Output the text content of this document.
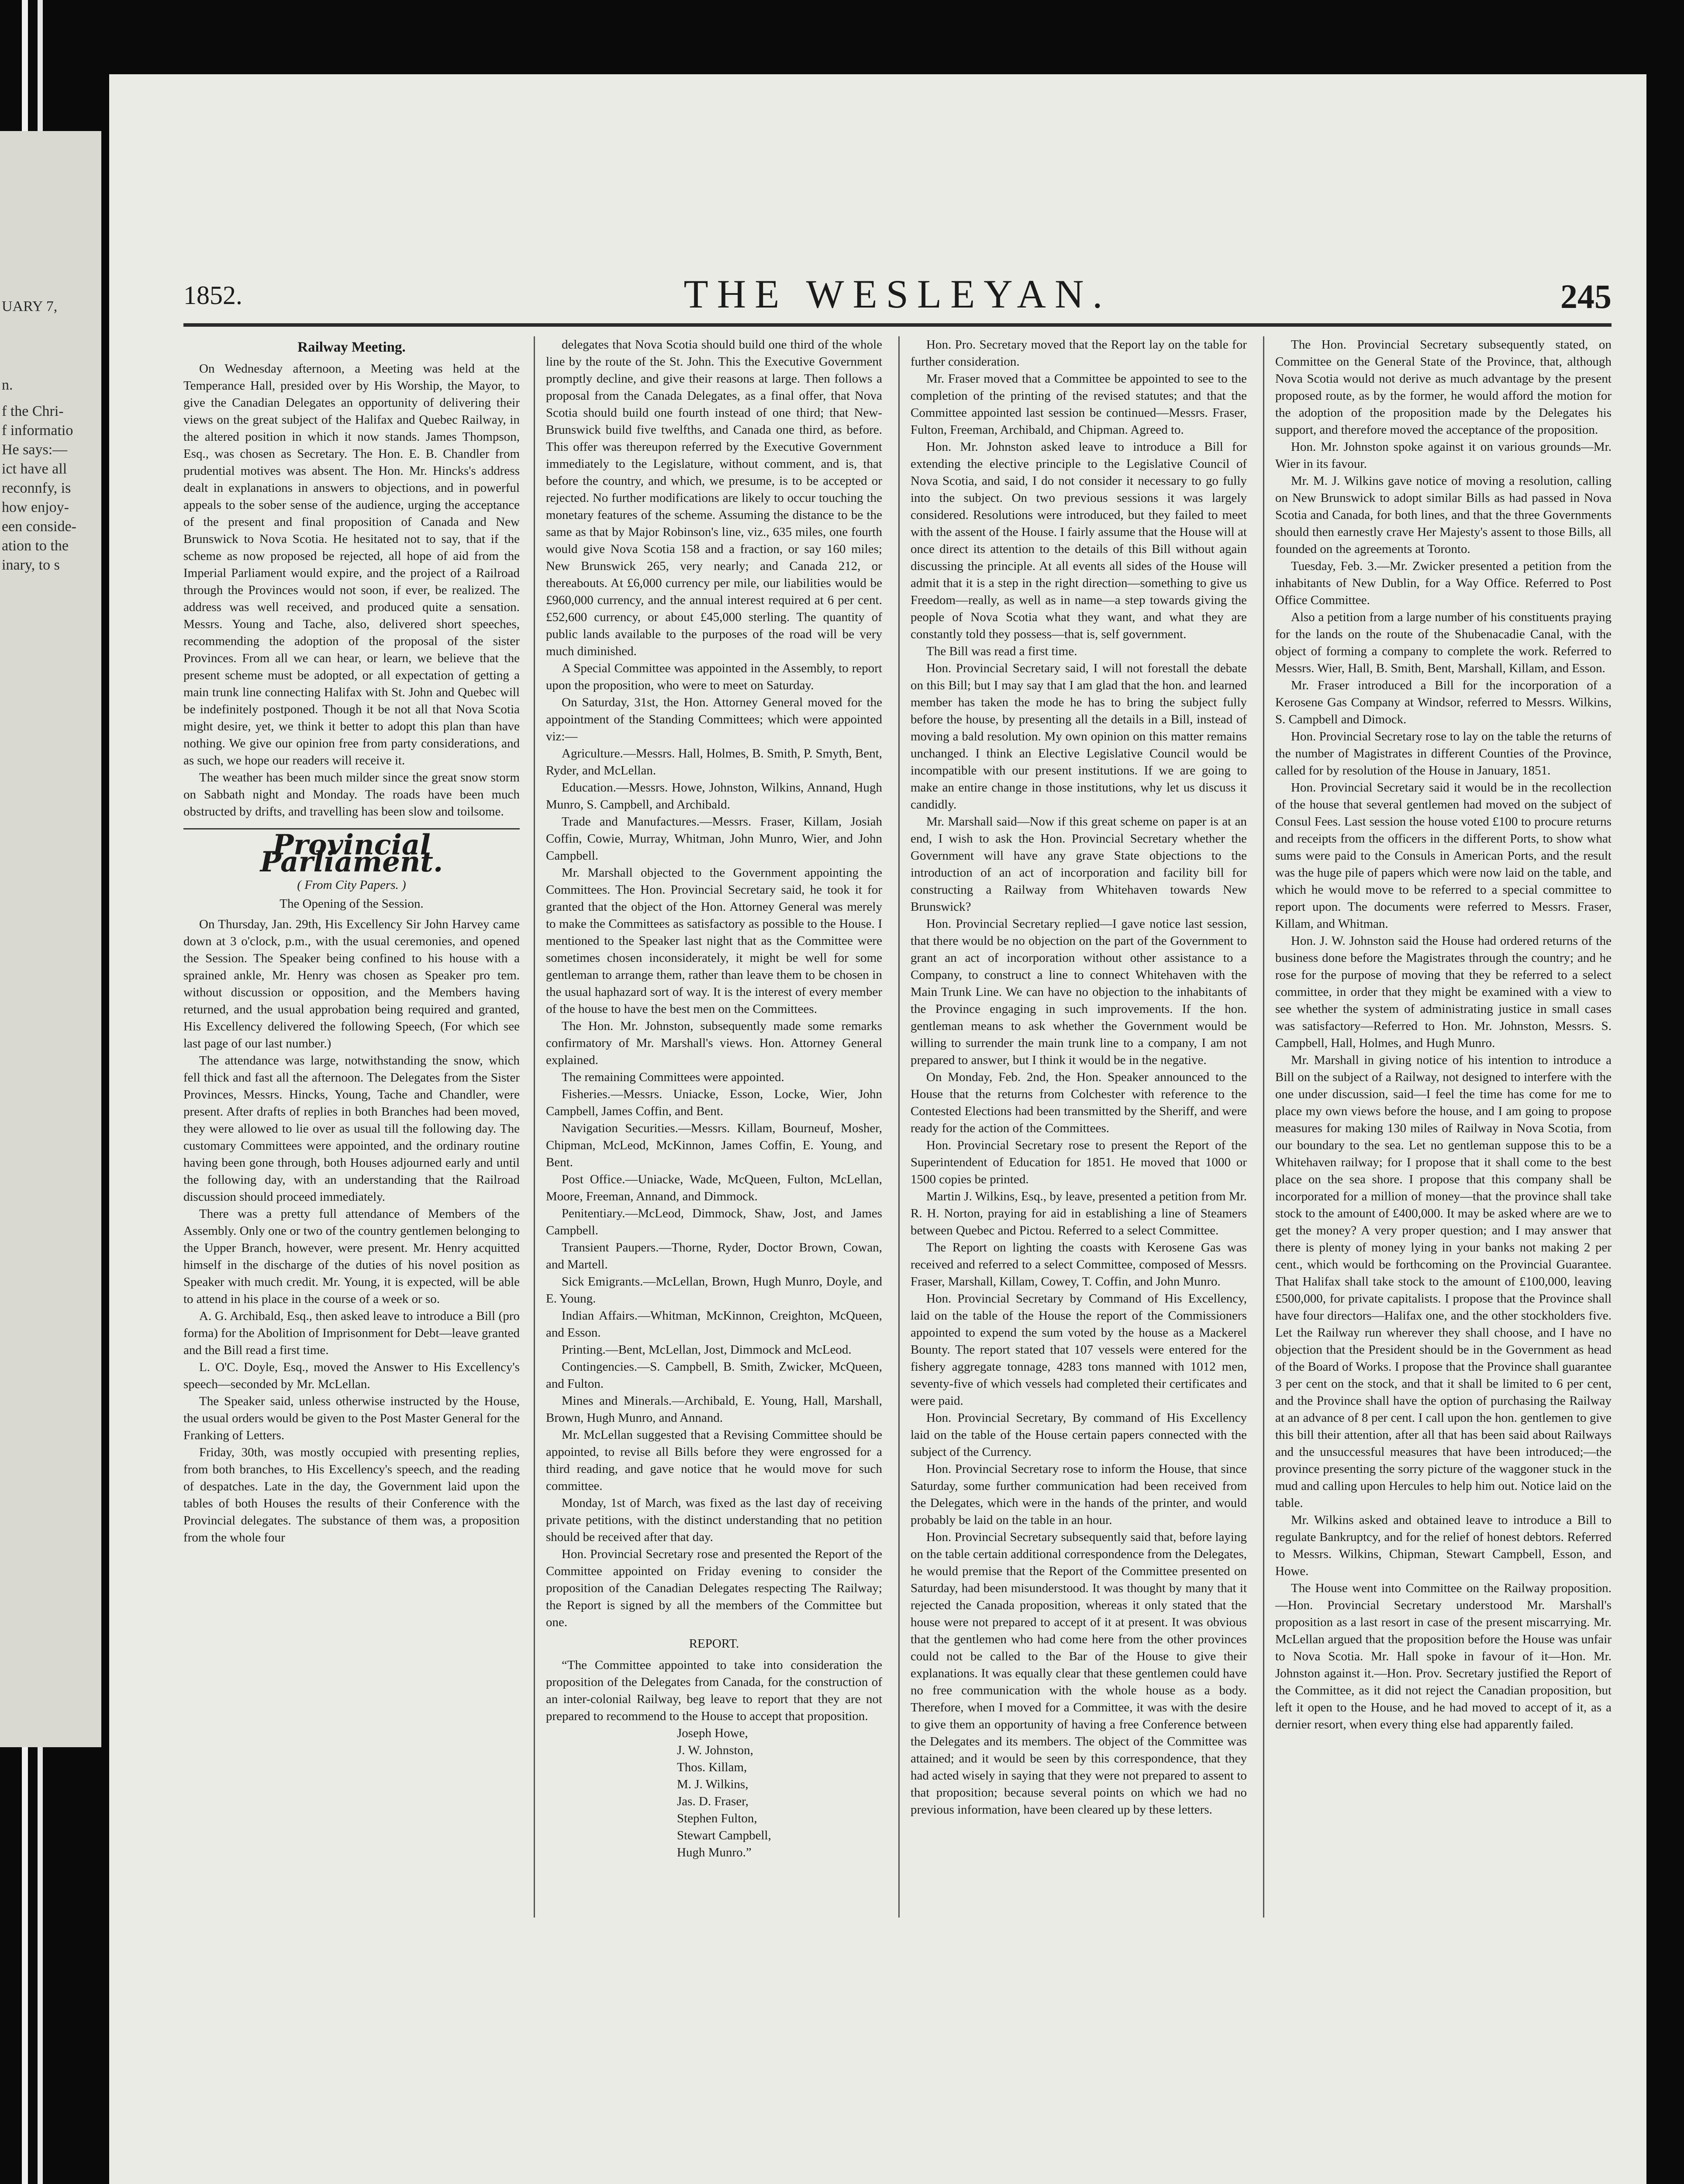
UARY 7,
n.
f the Chri-
f informatio
He says:—
ict have all
reconnfy, is
how enjoy-
een conside-
ation to the
inary, to s
1852.	THE WESLEYAN.	245

Railway Meeting.

On Wednesday afternoon, a Meeting was held at the Temperance Hall, presided over by His Worship, the Mayor, to give the Canadian Delegates an opportunity of delivering their views on the great subject of the Halifax and Quebec Railway, in the altered position in which it now stands. James Thompson, Esq., was chosen as Secretary. The Hon. E. B. Chandler from prudential motives was absent. The Hon. Mr. Hincks's address dealt in explanations in answers to objections, and in powerful appeals to the sober sense of the audience, urging the acceptance of the present and final proposition of Canada and New Brunswick to Nova Scotia. He hesitated not to say, that if the scheme as now proposed be rejected, all hope of aid from the Imperial Parliament would expire, and the project of a Railroad through the Provinces would not soon, if ever, be realized. The address was well received, and produced quite a sensation. Messrs. Young and Tache, also, delivered short speeches, recommending the adoption of the proposal of the sister Provinces. From all we can hear, or learn, we believe that the present scheme must be adopted, or all expectation of getting a main trunk line connecting Halifax with St. John and Quebec will be indefinitely postponed. Though it be not all that Nova Scotia might desire, yet, we think it better to adopt this plan than have nothing. We give our opinion free from party considerations, and as such, we hope our readers will receive it.

The weather has been much milder since the great snow storm on Sabbath night and Monday. The roads have been much obstructed by drifts, and travelling has been slow and toilsome.

Provincial Parliament.

( From City Papers. )

The Opening of the Session.

On Thursday, Jan. 29th, His Excellency Sir John Harvey came down at 3 o'clock, p.m., with the usual ceremonies, and opened the Session. The Speaker being confined to his house with a sprained ankle, Mr. Henry was chosen as Speaker pro tem. without discussion or opposition, and the Members having returned, and the usual approbation being required and granted, His Excellency delivered the following Speech, (For which see last page of our last number.)

The attendance was large, notwithstanding the snow, which fell thick and fast all the afternoon. The Delegates from the Sister Provinces, Messrs. Hincks, Young, Tache and Chandler, were present. After drafts of replies in both Branches had been moved, they were allowed to lie over as usual till the following day. The customary Committees were appointed, and the ordinary routine having been gone through, both Houses adjourned early and until the following day, with an understanding that the Railroad discussion should proceed immediately.

There was a pretty full attendance of Members of the Assembly. Only one or two of the country gentlemen belonging to the Upper Branch, however, were present. Mr. Henry acquitted himself in the discharge of the duties of his novel position as Speaker with much credit. Mr. Young, it is expected, will be able to attend in his place in the course of a week or so.

A. G. Archibald, Esq., then asked leave to introduce a Bill (pro forma) for the Abolition of Imprisonment for Debt—leave granted and the Bill read a first time.

L. O'C. Doyle, Esq., moved the Answer to His Excellency's speech—seconded by Mr. McLellan.

The Speaker said, unless otherwise instructed by the House, the usual orders would be given to the Post Master General for the Franking of Letters.

Friday, 30th, was mostly occupied with presenting replies, from both branches, to His Excellency's speech, and the reading of despatches. Late in the day, the Government laid upon the tables of both Houses the results of their Conference with the Provincial delegates. The substance of them was, a proposition from the whole four

delegates that Nova Scotia should build one third of the whole line by the route of the St. John. This the Executive Government promptly decline, and give their reasons at large. Then follows a proposal from the Canada Delegates, as a final offer, that Nova Scotia should build one fourth instead of one third; that New-Brunswick build five twelfths, and Canada one third, as before. This offer was thereupon referred by the Executive Government immediately to the Legislature, without comment, and is, that before the country, and which, we presume, is to be accepted or rejected. No further modifications are likely to occur touching the monetary features of the scheme. Assuming the distance to be the same as that by Major Robinson's line, viz., 635 miles, one fourth would give Nova Scotia 158 and a fraction, or say 160 miles; New Brunswick 265, very nearly; and Canada 212, or thereabouts. At £6,000 currency per mile, our liabilities would be £960,000 currency, and the annual interest required at 6 per cent. £52,600 currency, or about £45,000 sterling. The quantity of public lands available to the purposes of the road will be very much diminished.

A Special Committee was appointed in the Assembly, to report upon the proposition, who were to meet on Saturday.

On Saturday, 31st, the Hon. Attorney General moved for the appointment of the Standing Committees; which were appointed viz:—

Agriculture.—Messrs. Hall, Holmes, B. Smith, P. Smyth, Bent, Ryder, and McLellan.

Education.—Messrs. Howe, Johnston, Wilkins, Annand, Hugh Munro, S. Campbell, and Archibald.

Trade and Manufactures.—Messrs. Fraser, Killam, Josiah Coffin, Cowie, Murray, Whitman, John Munro, Wier, and John Campbell.

Mr. Marshall objected to the Government appointing the Committees. The Hon. Provincial Secretary said, he took it for granted that the object of the Hon. Attorney General was merely to make the Committees as satisfactory as possible to the House. I mentioned to the Speaker last night that as the Committee were sometimes chosen inconsiderately, it might be well for some gentleman to arrange them, rather than leave them to be chosen in the usual haphazard sort of way. It is the interest of every member of the house to have the best men on the Committees.

The Hon. Mr. Johnston, subsequently made some remarks confirmatory of Mr. Marshall's views. Hon. Attorney General explained.

The remaining Committees were appointed.

Fisheries.—Messrs. Uniacke, Esson, Locke, Wier, John Campbell, James Coffin, and Bent.

Navigation Securities.—Messrs. Killam, Bourneuf, Mosher, Chipman, McLeod, McKinnon, James Coffin, E. Young, and Bent.

Post Office.—Uniacke, Wade, McQueen, Fulton, McLellan, Moore, Freeman, Annand, and Dimmock.

Penitentiary.—McLeod, Dimmock, Shaw, Jost, and James Campbell.

Transient Paupers.—Thorne, Ryder, Doctor Brown, Cowan, and Martell.

Sick Emigrants.—McLellan, Brown, Hugh Munro, Doyle, and E. Young.

Indian Affairs.—Whitman, McKinnon, Creighton, McQueen, and Esson.

Printing.—Bent, McLellan, Jost, Dimmock and McLeod.

Contingencies.—S. Campbell, B. Smith, Zwicker, McQueen, and Fulton.

Mines and Minerals.—Archibald, E. Young, Hall, Marshall, Brown, Hugh Munro, and Annand.

Mr. McLellan suggested that a Revising Committee should be appointed, to revise all Bills before they were engrossed for a third reading, and gave notice that he would move for such committee.

Monday, 1st of March, was fixed as the last day of receiving private petitions, with the distinct understanding that no petition should be received after that day.

Hon. Provincial Secretary rose and presented the Report of the Committee appointed on Friday evening to consider the proposition of the Canadian Delegates respecting The Railway; the Report is signed by all the members of the Committee but one.

REPORT.

“The Committee appointed to take into consideration the proposition of the Delegates from Canada, for the construction of an inter-colonial Railway, beg leave to report that they are not prepared to recommend to the House to accept that proposition.

Joseph Howe,

J. W. Johnston,

Thos. Killam,

M. J. Wilkins,

Jas. D. Fraser,

Stephen Fulton,

Stewart Campbell,

Hugh Munro.”

Hon. Pro. Secretary moved that the Report lay on the table for further consideration.

Mr. Fraser moved that a Committee be appointed to see to the completion of the printing of the revised statutes; and that the Committee appointed last session be continued—Messrs. Fraser, Fulton, Freeman, Archibald, and Chipman. Agreed to.

Hon. Mr. Johnston asked leave to introduce a Bill for extending the elective principle to the Legislative Council of Nova Scotia, and said, I do not consider it necessary to go fully into the subject. On two previous sessions it was largely considered. Resolutions were introduced, but they failed to meet with the assent of the House. I fairly assume that the House will at once direct its attention to the details of this Bill without again discussing the principle. At all events all sides of the House will admit that it is a step in the right direction—something to give us Freedom—really, as well as in name—a step towards giving the people of Nova Scotia what they want, and what they are constantly told they possess—that is, self government.

The Bill was read a first time.

Hon. Provincial Secretary said, I will not forestall the debate on this Bill; but I may say that I am glad that the hon. and learned member has taken the mode he has to bring the subject fully before the house, by presenting all the details in a Bill, instead of moving a bald resolution. My own opinion on this matter remains unchanged. I think an Elective Legislative Council would be incompatible with our present institutions. If we are going to make an entire change in those institutions, why let us discuss it candidly.

Mr. Marshall said—Now if this great scheme on paper is at an end, I wish to ask the Hon. Provincial Secretary whether the Government will have any grave State objections to the introduction of an act of incorporation and facility bill for constructing a Railway from Whitehaven towards New Brunswick?

Hon. Provincial Secretary replied—I gave notice last session, that there would be no objection on the part of the Government to grant an act of incorporation without other assistance to a Company, to construct a line to connect Whitehaven with the Main Trunk Line. We can have no objection to the inhabitants of the Province engaging in such improvements. If the hon. gentleman means to ask whether the Government would be willing to surrender the main trunk line to a company, I am not prepared to answer, but I think it would be in the negative.

On Monday, Feb. 2nd, the Hon. Speaker announced to the House that the returns from Colchester with reference to the Contested Elections had been transmitted by the Sheriff, and were ready for the action of the Committees.

Hon. Provincial Secretary rose to present the Report of the Superintendent of Education for 1851. He moved that 1000 or 1500 copies be printed.

Martin J. Wilkins, Esq., by leave, presented a petition from Mr. R. H. Norton, praying for aid in establishing a line of Steamers between Quebec and Pictou. Referred to a select Committee.

The Report on lighting the coasts with Kerosene Gas was received and referred to a select Committee, composed of Messrs. Fraser, Marshall, Killam, Cowey, T. Coffin, and John Munro.

Hon. Provincial Secretary by Command of His Excellency, laid on the table of the House the report of the Commissioners appointed to expend the sum voted by the house as a Mackerel Bounty. The report stated that 107 vessels were entered for the fishery aggregate tonnage, 4283 tons manned with 1012 men, seventy-five of which vessels had completed their certificates and were paid.

Hon. Provincial Secretary, By command of His Excellency laid on the table of the House certain papers connected with the subject of the Currency.

Hon. Provincial Secretary rose to inform the House, that since Saturday, some further communication had been received from the Delegates, which were in the hands of the printer, and would probably be laid on the table in an hour.

Hon. Provincial Secretary subsequently said that, before laying on the table certain additional correspondence from the Delegates, he would premise that the Report of the Committee presented on Saturday, had been misunderstood. It was thought by many that it rejected the Canada proposition, whereas it only stated that the house were not prepared to accept of it at present. It was obvious that the gentlemen who had come here from the other provinces could not be called to the Bar of the House to give their explanations. It was equally clear that these gentlemen could have no free communication with the whole house as a body. Therefore, when I moved for a Committee, it was with the desire to give them an opportunity of having a free Conference between the Delegates and its members. The object of the Committee was attained; and it would be seen by this correspondence, that they had acted wisely in saying that they were not prepared to assent to that proposition; because several points on which we had no previous information, have been cleared up by these letters.

The Hon. Provincial Secretary subsequently stated, on Committee on the General State of the Province, that, although Nova Scotia would not derive as much advantage by the present proposed route, as by the former, he would afford the motion for the adoption of the proposition made by the Delegates his support, and therefore moved the acceptance of the proposition.

Hon. Mr. Johnston spoke against it on various grounds—Mr. Wier in its favour.

Mr. M. J. Wilkins gave notice of moving a resolution, calling on New Brunswick to adopt similar Bills as had passed in Nova Scotia and Canada, for both lines, and that the three Governments should then earnestly crave Her Majesty's assent to those Bills, all founded on the agreements at Toronto.

Tuesday, Feb. 3.—Mr. Zwicker presented a petition from the inhabitants of New Dublin, for a Way Office. Referred to Post Office Committee.

Also a petition from a large number of his constituents praying for the lands on the route of the Shubenacadie Canal, with the object of forming a company to complete the work. Referred to Messrs. Wier, Hall, B. Smith, Bent, Marshall, Killam, and Esson.

Mr. Fraser introduced a Bill for the incorporation of a Kerosene Gas Company at Windsor, referred to Messrs. Wilkins, S. Campbell and Dimock.

Hon. Provincial Secretary rose to lay on the table the returns of the number of Magistrates in different Counties of the Province, called for by resolution of the House in January, 1851.

Hon. Provincial Secretary said it would be in the recollection of the house that several gentlemen had moved on the subject of Consul Fees. Last session the house voted £100 to procure returns and receipts from the officers in the different Ports, to show what sums were paid to the Consuls in American Ports, and the result was the huge pile of papers which were now laid on the table, and which he would move to be referred to a special committee to report upon. The documents were referred to Messrs. Fraser, Killam, and Whitman.

Hon. J. W. Johnston said the House had ordered returns of the business done before the Magistrates through the country; and he rose for the purpose of moving that they be referred to a select committee, in order that they might be examined with a view to see whether the system of administrating justice in small cases was satisfactory—Referred to Hon. Mr. Johnston, Messrs. S. Campbell, Hall, Holmes, and Hugh Munro.

Mr. Marshall in giving notice of his intention to introduce a Bill on the subject of a Railway, not designed to interfere with the one under discussion, said—I feel the time has come for me to place my own views before the house, and I am going to propose measures for making 130 miles of Railway in Nova Scotia, from our boundary to the sea. Let no gentleman suppose this to be a Whitehaven railway; for I propose that it shall come to the best place on the sea shore. I propose that this company shall be incorporated for a million of money—that the province shall take stock to the amount of £400,000. It may be asked where are we to get the money? A very proper question; and I may answer that there is plenty of money lying in your banks not making 2 per cent., which would be forthcoming on the Provincial Guarantee. That Halifax shall take stock to the amount of £100,000, leaving £500,000, for private capitalists. I propose that the Province shall have four directors—Halifax one, and the other stockholders five. Let the Railway run wherever they shall choose, and I have no objection that the President should be in the Government as head of the Board of Works. I propose that the Province shall guarantee 3 per cent on the stock, and that it shall be limited to 6 per cent, and the Province shall have the option of purchasing the Railway at an advance of 8 per cent. I call upon the hon. gentlemen to give this bill their attention, after all that has been said about Railways and the unsuccessful measures that have been introduced;—the province presenting the sorry picture of the waggoner stuck in the mud and calling upon Hercules to help him out. Notice laid on the table.

Mr. Wilkins asked and obtained leave to introduce a Bill to regulate Bankruptcy, and for the relief of honest debtors. Referred to Messrs. Wilkins, Chipman, Stewart Campbell, Esson, and Howe.

The House went into Committee on the Railway proposition.—Hon. Provincial Secretary understood Mr. Marshall's proposition as a last resort in case of the present miscarrying. Mr. McLellan argued that the proposition before the House was unfair to Nova Scotia. Mr. Hall spoke in favour of it—Hon. Mr. Johnston against it.—Hon. Prov. Secretary justified the Report of the Committee, as it did not reject the Canadian proposition, but left it open to the House, and he had moved to accept of it, as a dernier resort, when every thing else had apparently failed.
